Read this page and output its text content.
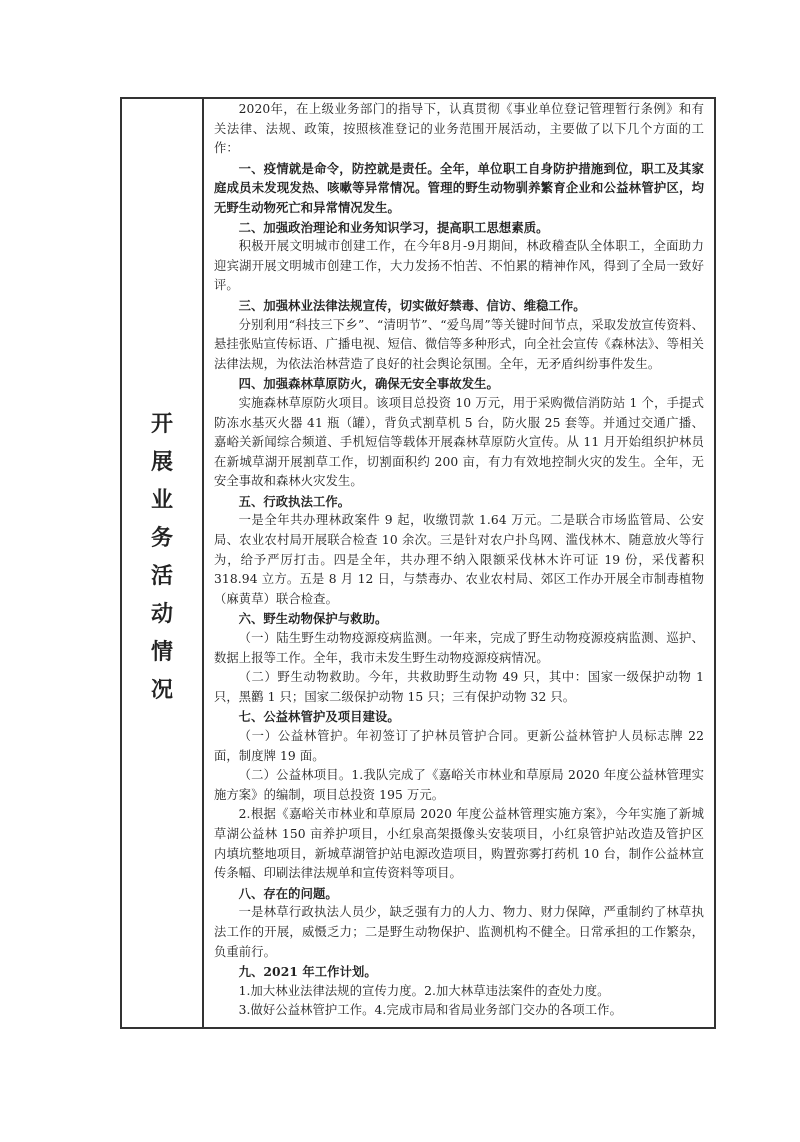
开
展
业
务
活
动
情
况

2020年，在上级业务部门的指导下，认真贯彻《事业单位登记管理暂行条例》和有关法律、法规、政策，按照核准登记的业务范围开展活动，主要做了以下几个方面的工作：

一、疫情就是命令，防控就是责任。全年，单位职工自身防护措施到位，职工及其家庭成员未发现发热、咳嗽等异常情况。管理的野生动物驯养繁育企业和公益林管护区，均无野生动物死亡和异常情况发生。

二、加强政治理论和业务知识学习，提高职工思想素质。

积极开展文明城市创建工作，在今年8月-9月期间，林政稽查队全体职工，全面助力迎宾湖开展文明城市创建工作，大力发扬不怕苦、不怕累的精神作风，得到了全局一致好评。

三、加强林业法律法规宣传，切实做好禁毒、信访、维稳工作。

分别利用“科技三下乡”、“清明节”、“爱鸟周”等关键时间节点，采取发放宣传资料、悬挂张贴宣传标语、广播电视、短信、微信等多种形式，向全社会宣传《森林法》、等相关法律法规，为依法治林营造了良好的社会舆论氛围。全年，无矛盾纠纷事件发生。

四、加强森林草原防火，确保无安全事故发生。

实施森林草原防火项目。该项目总投资 10 万元，用于采购微信消防站 1 个，手提式防冻水基灭火器 41 瓶（罐），背负式割草机 5 台，防火服 25 套等。并通过交通广播、嘉峪关新闻综合频道、手机短信等载体开展森林草原防火宣传。从 11 月开始组织护林员在新城草湖开展割草工作，切割面积约 200 亩，有力有效地控制火灾的发生。全年，无安全事故和森林火灾发生。

五、行政执法工作。

一是全年共办理林政案件 9 起，收缴罚款 1.64 万元。二是联合市场监管局、公安局、农业农村局开展联合检查 10 余次。三是针对农户扑鸟网、滥伐林木、随意放火等行为，给予严厉打击。四是全年，共办理不纳入限额采伐林木许可证 19 份，采伐蓄积 318.94 立方。五是 8 月 12 日，与禁毒办、农业农村局、郊区工作办开展全市制毒植物（麻黄草）联合检查。

六、野生动物保护与救助。

（一）陆生野生动物疫源疫病监测。一年来，完成了野生动物疫源疫病监测、巡护、数据上报等工作。全年，我市未发生野生动物疫源疫病情况。

（二）野生动物救助。今年，共救助野生动物 49 只，其中：国家一级保护动物 1 只，黑鹳 1 只；国家二级保护动物 15 只；三有保护动物 32 只。

七、公益林管护及项目建设。

（一）公益林管护。年初签订了护林员管护合同。更新公益林管护人员标志牌 22 面，制度牌 19 面。

（二）公益林项目。1.我队完成了《嘉峪关市林业和草原局 2020 年度公益林管理实施方案》的编制，项目总投资 195 万元。

2.根据《嘉峪关市林业和草原局 2020 年度公益林管理实施方案》，今年实施了新城草湖公益林 150 亩养护项目，小红泉高架摄像头安装项目，小红泉管护站改造及管护区内填坑整地项目，新城草湖管护站电源改造项目，购置弥雾打药机 10 台，制作公益林宣传条幅、印刷法律法规单和宣传资料等项目。

八、存在的问题。

一是林草行政执法人员少，缺乏强有力的人力、物力、财力保障，严重制约了林草执法工作的开展，威慑乏力；二是野生动物保护、监测机构不健全。日常承担的工作繁杂，负重前行。

九、2021 年工作计划。

1.加大林业法律法规的宣传力度。2.加大林草违法案件的查处力度。

3.做好公益林管护工作。4.完成市局和省局业务部门交办的各项工作。
